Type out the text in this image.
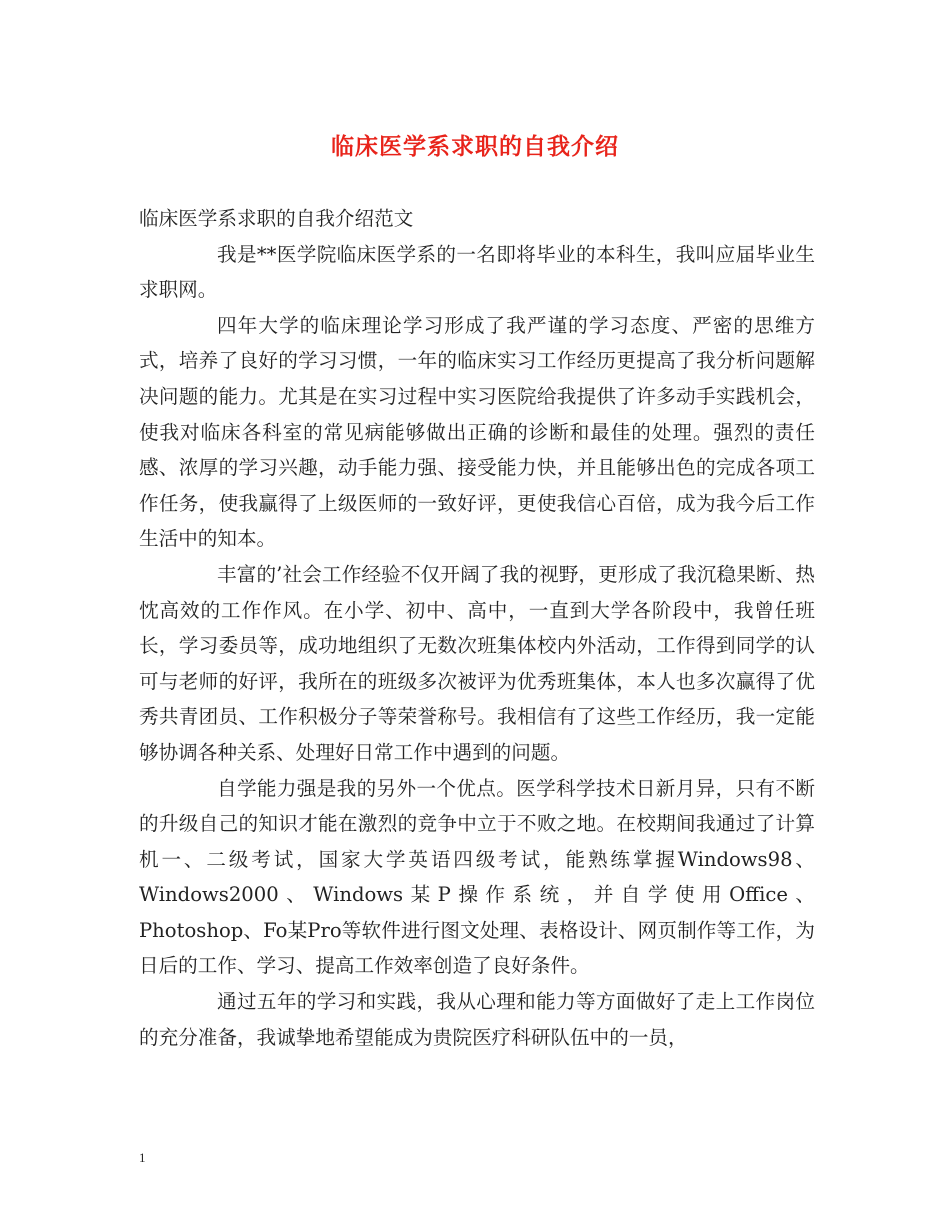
临床医学系求职的自我介绍

临床医学系求职的自我介绍范文

我是**医学院临床医学系的一名即将毕业的本科生，我叫应届毕业生求职网。

四年大学的临床理论学习形成了我严谨的学习态度、严密的思维方式，培养了良好的学习习惯，一年的临床实习工作经历更提高了我分析问题解决问题的能力。尤其是在实习过程中实习医院给我提供了许多动手实践机会，使我对临床各科室的常见病能够做出正确的诊断和最佳的处理。强烈的责任感、浓厚的学习兴趣，动手能力强、接受能力快，并且能够出色的完成各项工作任务，使我赢得了上级医师的一致好评，更使我信心百倍，成为我今后工作生活中的知本。

丰富的’社会工作经验不仅开阔了我的视野，更形成了我沉稳果断、热忱高效的工作作风。在小学、初中、高中，一直到大学各阶段中，我曾任班长，学习委员等，成功地组织了无数次班集体校内外活动，工作得到同学的认可与老师的好评，我所在的班级多次被评为优秀班集体，本人也多次赢得了优秀共青团员、工作积极分子等荣誉称号。我相信有了这些工作经历，我一定能够协调各种关系、处理好日常工作中遇到的问题。

自学能力强是我的另外一个优点。医学科学技术日新月异，只有不断的升级自己的知识才能在激烈的竞争中立于不败之地。在校期间我通过了计算机一、二级考试，国家大学英语四级考试，能熟练掌握Windows98、Windows2000、Windows某P操作系统，并自学使用Office、Photoshop、Fo某Pro等软件进行图文处理、表格设计、网页制作等工作，为日后的工作、学习、提高工作效率创造了良好条件。

通过五年的学习和实践，我从心理和能力等方面做好了走上工作岗位的充分准备，我诚挚地希望能成为贵院医疗科研队伍中的一员，

1
